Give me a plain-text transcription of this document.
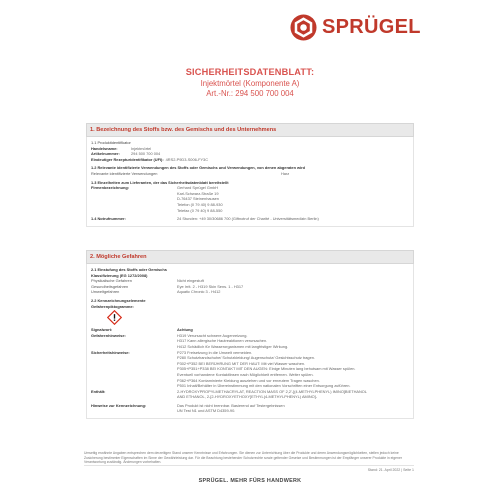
SPRÜGEL
SICHERHEITSDATENBLATT:
Injektmörtel (Komponente A)
Art.-Nr.: 294 500 700 004
1. Bezeichnung des Stoffs bzw. des Gemischs und des Unternehmens
1.1 Produktidentifikator
Handelsname:	Injektmörtel
Artikelnummer:	294 500 700 004
Eindeutiger Rezepturidentifikator (UFI): 4RS2-P9D3-S006-FY3C
1.2 Relevante identifizierte Verwendungen des Stoffs oder Gemischs und Verwendungen, von denen abgeraten wird
Relevante identifizierte Verwendungen	Harz
1.3 Einzelheiten zum Lieferanten, der das Sicherheitsdatenblatt bereitstellt
Firmenbezeichnung:	Gerhard Sprügel GmbH
Karl-Schwarz-Straße 19
D-76437 Steinenhausen
Telefon (0 79 40) 9 88-930
Telefax (0 79 40) 9 88-550
1.4 Notrufnummer:	24 Stunden: +49 30/30686 700 (Giftnotruf der Charité - Universitätsmedizin Berlin)
2. Mögliche Gefahren
2.1 Einstufung des Stoffs oder Gemischs
Klassifizierung (EG 1272/2008)
Physikalische Gefahren	Nicht eingestuft
Gesundheitsgefahren	Eye Irrit. 2 - H319 Skin Sens. 1 - H317
Umweltgefahren	Aquatic Chronic 3 - H412
2.2 Kennzeichnungselemente
Gefahrenpiktogramme:
Signalwort:	Achtung
Gefahrenhinweise:	H319 Verursacht schwere Augenreizung.
H317 Kann allergische Hautreaktionen verursachen.
H412 Schädlich für Wasserorganismen mit langfristiger Wirkung.
Sicherheitshinweise:	P273 Freisetzung in die Umwelt vermeiden.
P280 Schutzhandschuhe/ Schutzkleidung/ Augenschutz/ Gesichtsschutz tragen.
P302+P352 BEI BERÜHRUNG MIT DER HAUT: Mit viel Wasser waschen.
P305+P351+P338 BEI KONTAKT MIT DEN AUGEN: Einige Minuten lang behutsam mit Wasser spülen.
Eventuell vorhandene Kontaktlinsen nach Möglichkeit entfernen. Weiter spülen.
P362+P364 Kontaminierte Kleidung ausziehen und vor erneutem Tragen waschen.
P501 Inhalt/Behälter in Übereinstimmung mit den nationalen Vorschriften einer Entsorgung zuführen.
Enthält:	2-HYDROXYPROPYLMETHACRYLAT, REACTION MASS OF 2,2'-[(4-METHYLPHENYL) IMINO]BIETHANOL
AND ETHANOL, 2-[2-HYDROXYETHOXY]ETHYL(4-METHYLPHENYL) AMINO]-
Hinweise zur Kennzeichnung:	Das Produkt ist nicht brennbar. Basierend auf Testergebnissen
UN Test N1 und ASTM D4359-90.
Umseitig erwähnte Angaben entsprechen dem derzeitigen Stand unserer Kenntnisse und Erfahrungen. Sie dienen zur Unterrichtung über die Produkte und deren Anwendungsmöglichkeiten, stellen jedoch keine Zusicherung bestimmter Eigenschaften im Sinne der Gewährleistung dar. Für die Beachtung bestehender Schutzrechte sowie geltender Gesetze und Bestimmungen ist der Empfänger unserer Produkte in eigener Verantwortung zuständig. Änderungen vorbehalten.
Stand: 21. April 2022 | Seite 1
SPRÜGEL. MEHR FÜRS HANDWERK
